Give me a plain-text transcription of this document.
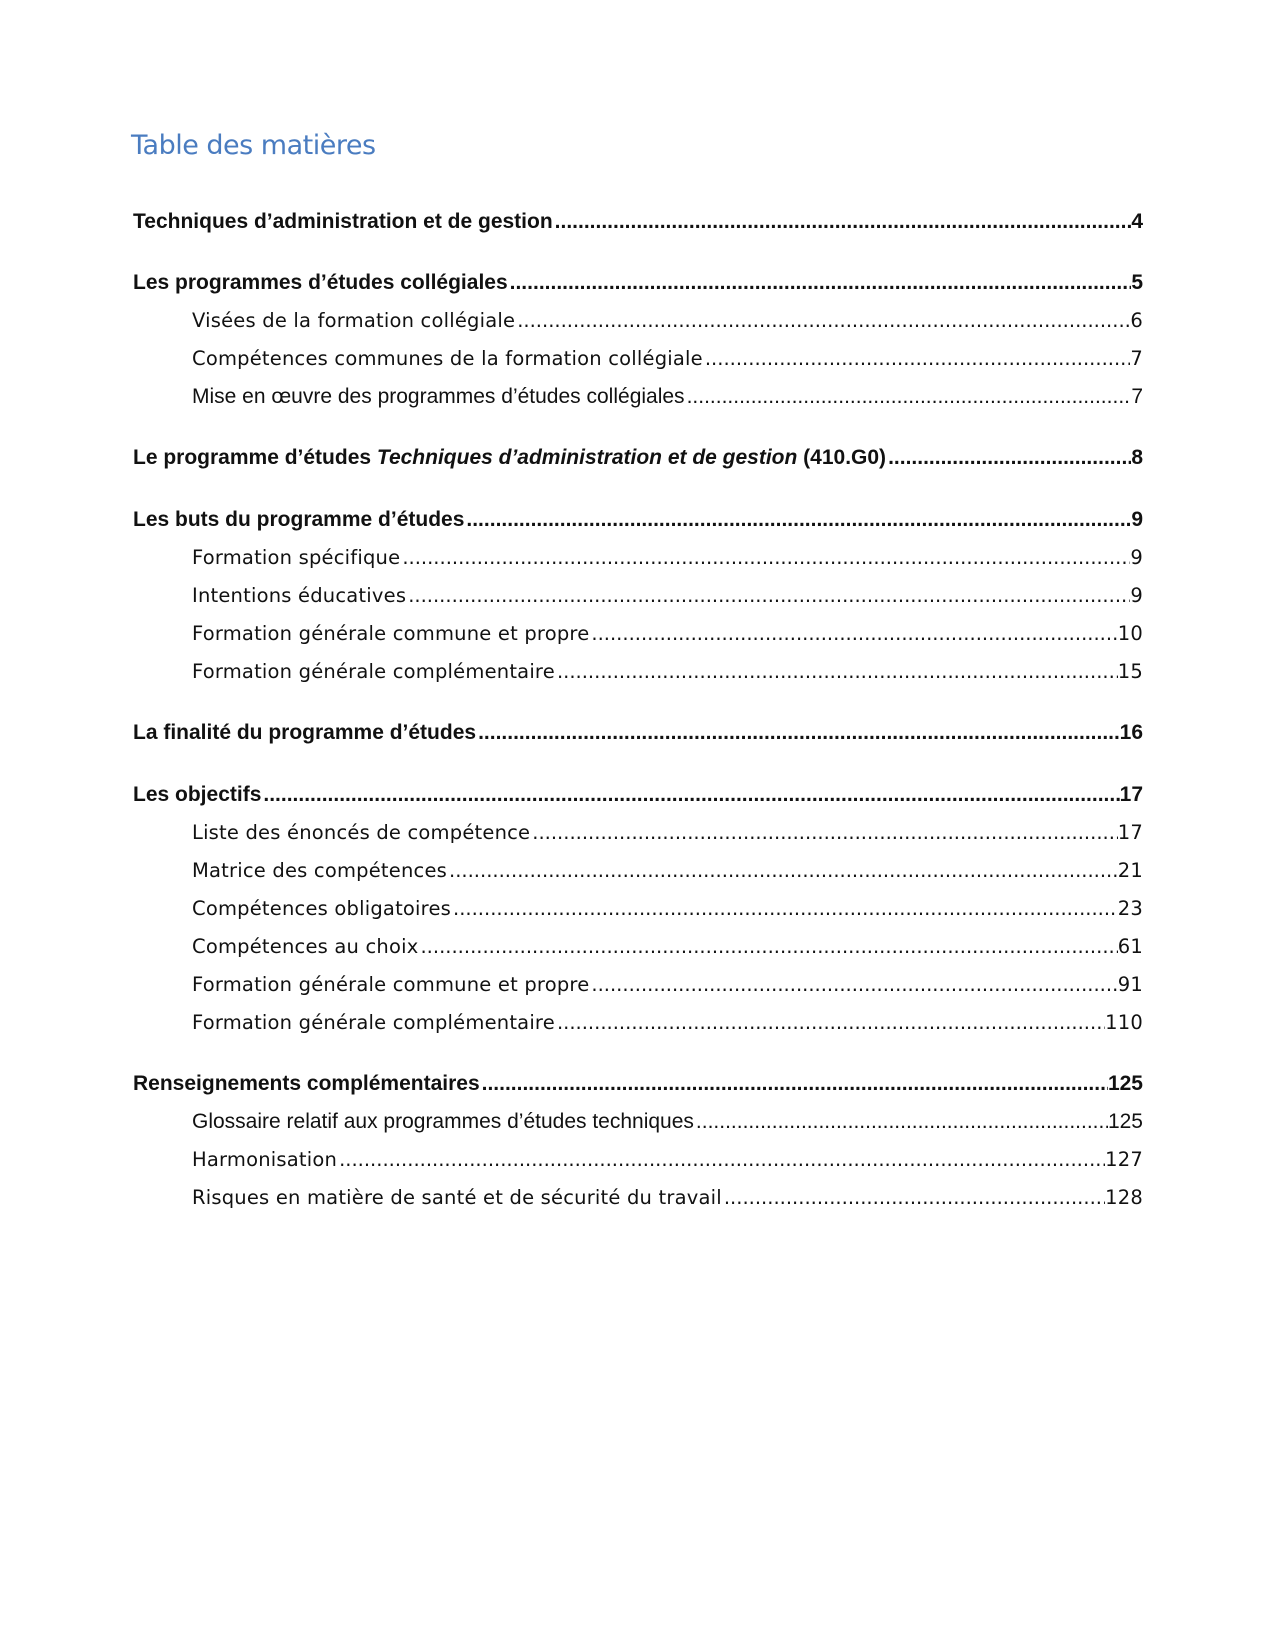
Table des matières
Techniques d’administration et de gestion .....	4
Les programmes d’études collégiales .....	5
Visées de la formation collégiale .....	6
Compétences communes de la formation collégiale .....	7
Mise en œuvre des programmes d’études collégiales .....	7
Le programme d’études Techniques d’administration et de gestion (410.G0) .....	8
Les buts du programme d’études .....	9
Formation spécifique .....	9
Intentions éducatives .....	9
Formation générale commune et propre .....	10
Formation générale complémentaire .....	15
La finalité du programme d’études .....	16
Les objectifs .....	17
Liste des énoncés de compétence .....	17
Matrice des compétences .....	21
Compétences obligatoires .....	23
Compétences au choix .....	61
Formation générale commune et propre .....	91
Formation générale complémentaire .....	110
Renseignements complémentaires .....	125
Glossaire relatif aux programmes d’études techniques .....	125
Harmonisation .....	127
Risques en matière de santé et de sécurité du travail .....	128
